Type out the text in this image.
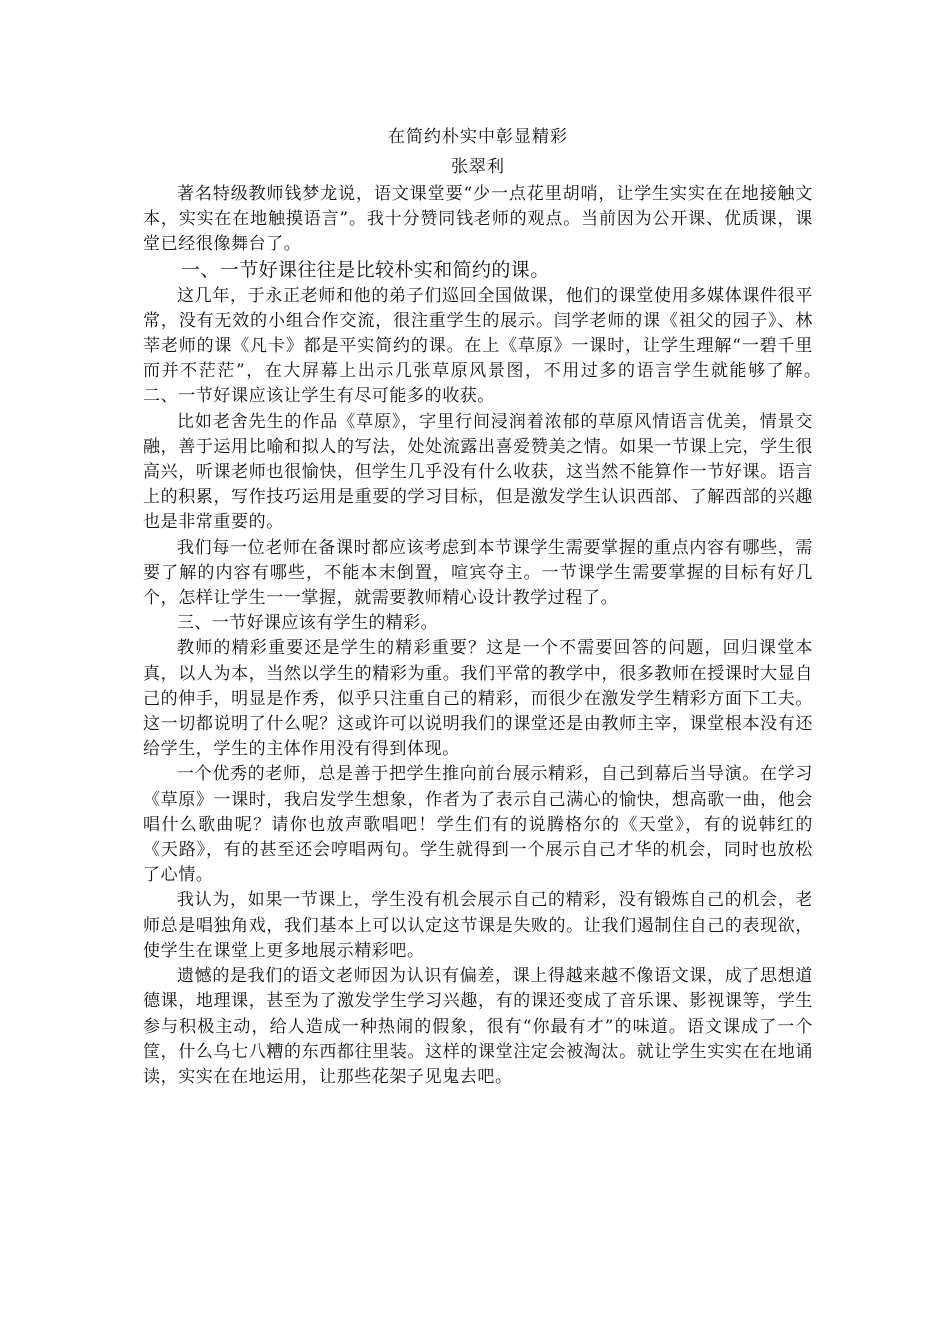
在简约朴实中彰显精彩

张翠利

著名特级教师钱梦龙说，语文课堂要“少一点花里胡哨，让学生实实在在地接触文本，实实在在地触摸语言”。我十分赞同钱老师的观点。当前因为公开课、优质课，课堂已经很像舞台了。

一、一节好课往往是比较朴实和简约的课。

这几年，于永正老师和他的弟子们巡回全国做课，他们的课堂使用多媒体课件很平常，没有无效的小组合作交流，很注重学生的展示。闫学老师的课《祖父的园子》、林莘老师的课《凡卡》都是平实简约的课。在上《草原》一课时，让学生理解“一碧千里而并不茫茫”，在大屏幕上出示几张草原风景图，不用过多的语言学生就能够了解。　二、一节好课应该让学生有尽可能多的收获。

比如老舍先生的作品《草原》，字里行间浸润着浓郁的草原风情语言优美，情景交融，善于运用比喻和拟人的写法，处处流露出喜爱赞美之情。如果一节课上完，学生很高兴，听课老师也很愉快，但学生几乎没有什么收获，这当然不能算作一节好课。语言上的积累，写作技巧运用是重要的学习目标，但是激发学生认识西部、了解西部的兴趣也是非常重要的。

我们每一位老师在备课时都应该考虑到本节课学生需要掌握的重点内容有哪些，需要了解的内容有哪些，不能本末倒置，喧宾夺主。一节课学生需要掌握的目标有好几个，怎样让学生一一掌握，就需要教师精心设计教学过程了。

三、一节好课应该有学生的精彩。

教师的精彩重要还是学生的精彩重要？这是一个不需要回答的问题，回归课堂本真，以人为本，当然以学生的精彩为重。我们平常的教学中，很多教师在授课时大显自己的伸手，明显是作秀，似乎只注重自己的精彩，而很少在激发学生精彩方面下工夫。这一切都说明了什么呢？这或许可以说明我们的课堂还是由教师主宰，课堂根本没有还给学生，学生的主体作用没有得到体现。

一个优秀的老师，总是善于把学生推向前台展示精彩，自己到幕后当导演。在学习《草原》一课时，我启发学生想象，作者为了表示自己满心的愉快，想高歌一曲，他会唱什么歌曲呢？请你也放声歌唱吧！学生们有的说腾格尔的《天堂》，有的说韩红的《天路》，有的甚至还会哼唱两句。学生就得到一个展示自己才华的机会，同时也放松了心情。

我认为，如果一节课上，学生没有机会展示自己的精彩，没有锻炼自己的机会，老师总是唱独角戏，我们基本上可以认定这节课是失败的。让我们遏制住自己的表现欲，使学生在课堂上更多地展示精彩吧。

遗憾的是我们的语文老师因为认识有偏差，课上得越来越不像语文课，成了思想道德课，地理课，甚至为了激发学生学习兴趣，有的课还变成了音乐课、影视课等，学生参与积极主动，给人造成一种热闹的假象，很有“你最有才”的味道。语文课成了一个筐，什么乌七八糟的东西都往里装。这样的课堂注定会被淘汰。就让学生实实在在地诵读，实实在在地运用，让那些花架子见鬼去吧。
